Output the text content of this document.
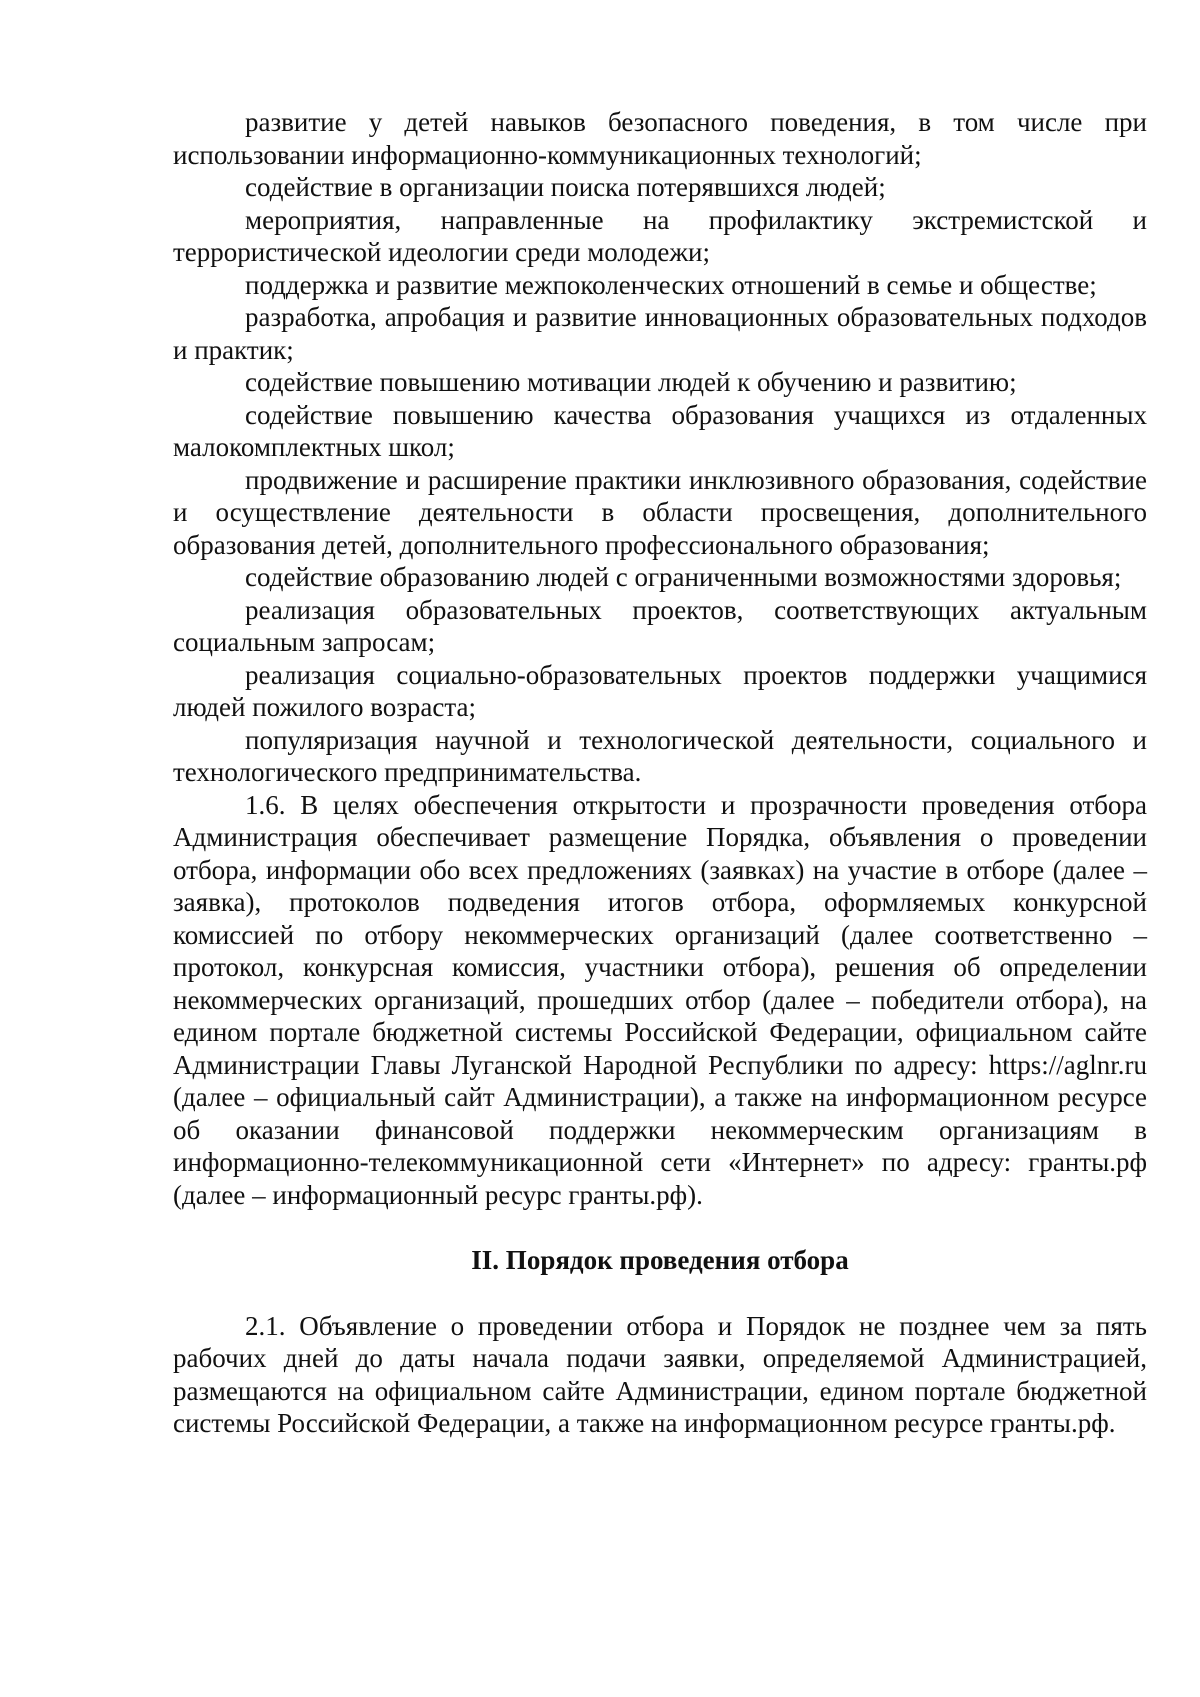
развитие у детей навыков безопасного поведения, в том числе при использовании информационно-коммуникационных технологий;

содействие в организации поиска потерявшихся людей;

мероприятия, направленные на профилактику экстремистской и террористической идеологии среди молодежи;

поддержка и развитие межпоколенческих отношений в семье и обществе;

разработка, апробация и развитие инновационных образовательных подходов и практик;

содействие повышению мотивации людей к обучению и развитию;

содействие повышению качества образования учащихся из отдаленных малокомплектных школ;

продвижение и расширение практики инклюзивного образования, содействие и осуществление деятельности в области просвещения, дополнительного образования детей, дополнительного профессионального образования;

содействие образованию людей с ограниченными возможностями здоровья;

реализация образовательных проектов, соответствующих актуальным социальным запросам;

реализация социально-образовательных проектов поддержки учащимися людей пожилого возраста;

популяризация научной и технологической деятельности, социального и технологического предпринимательства.

1.6. В целях обеспечения открытости и прозрачности проведения отбора Администрация обеспечивает размещение Порядка, объявления о проведении отбора, информации обо всех предложениях (заявках) на участие в отборе (далее – заявка), протоколов подведения итогов отбора, оформляемых конкурсной комиссией по отбору некоммерческих организаций (далее соответственно – протокол, конкурсная комиссия, участники отбора), решения об определении некоммерческих организаций, прошедших отбор (далее – победители отбора), на едином портале бюджетной системы Российской Федерации, официальном сайте Администрации Главы Луганской Народной Республики по адресу: https://aglnr.ru (далее – официальный сайт Администрации), а также на информационном ресурсе об оказании финансовой поддержки некоммерческим организациям в информационно-телекоммуникационной сети «Интернет» по адресу: гранты.рф (далее – информационный ресурс гранты.рф).

II. Порядок проведения отбора

2.1. Объявление о проведении отбора и Порядок не позднее чем за пять рабочих дней до даты начала подачи заявки, определяемой Администрацией, размещаются на официальном сайте Администрации, едином портале бюджетной системы Российской Федерации, а также на информационном ресурсе гранты.рф.
